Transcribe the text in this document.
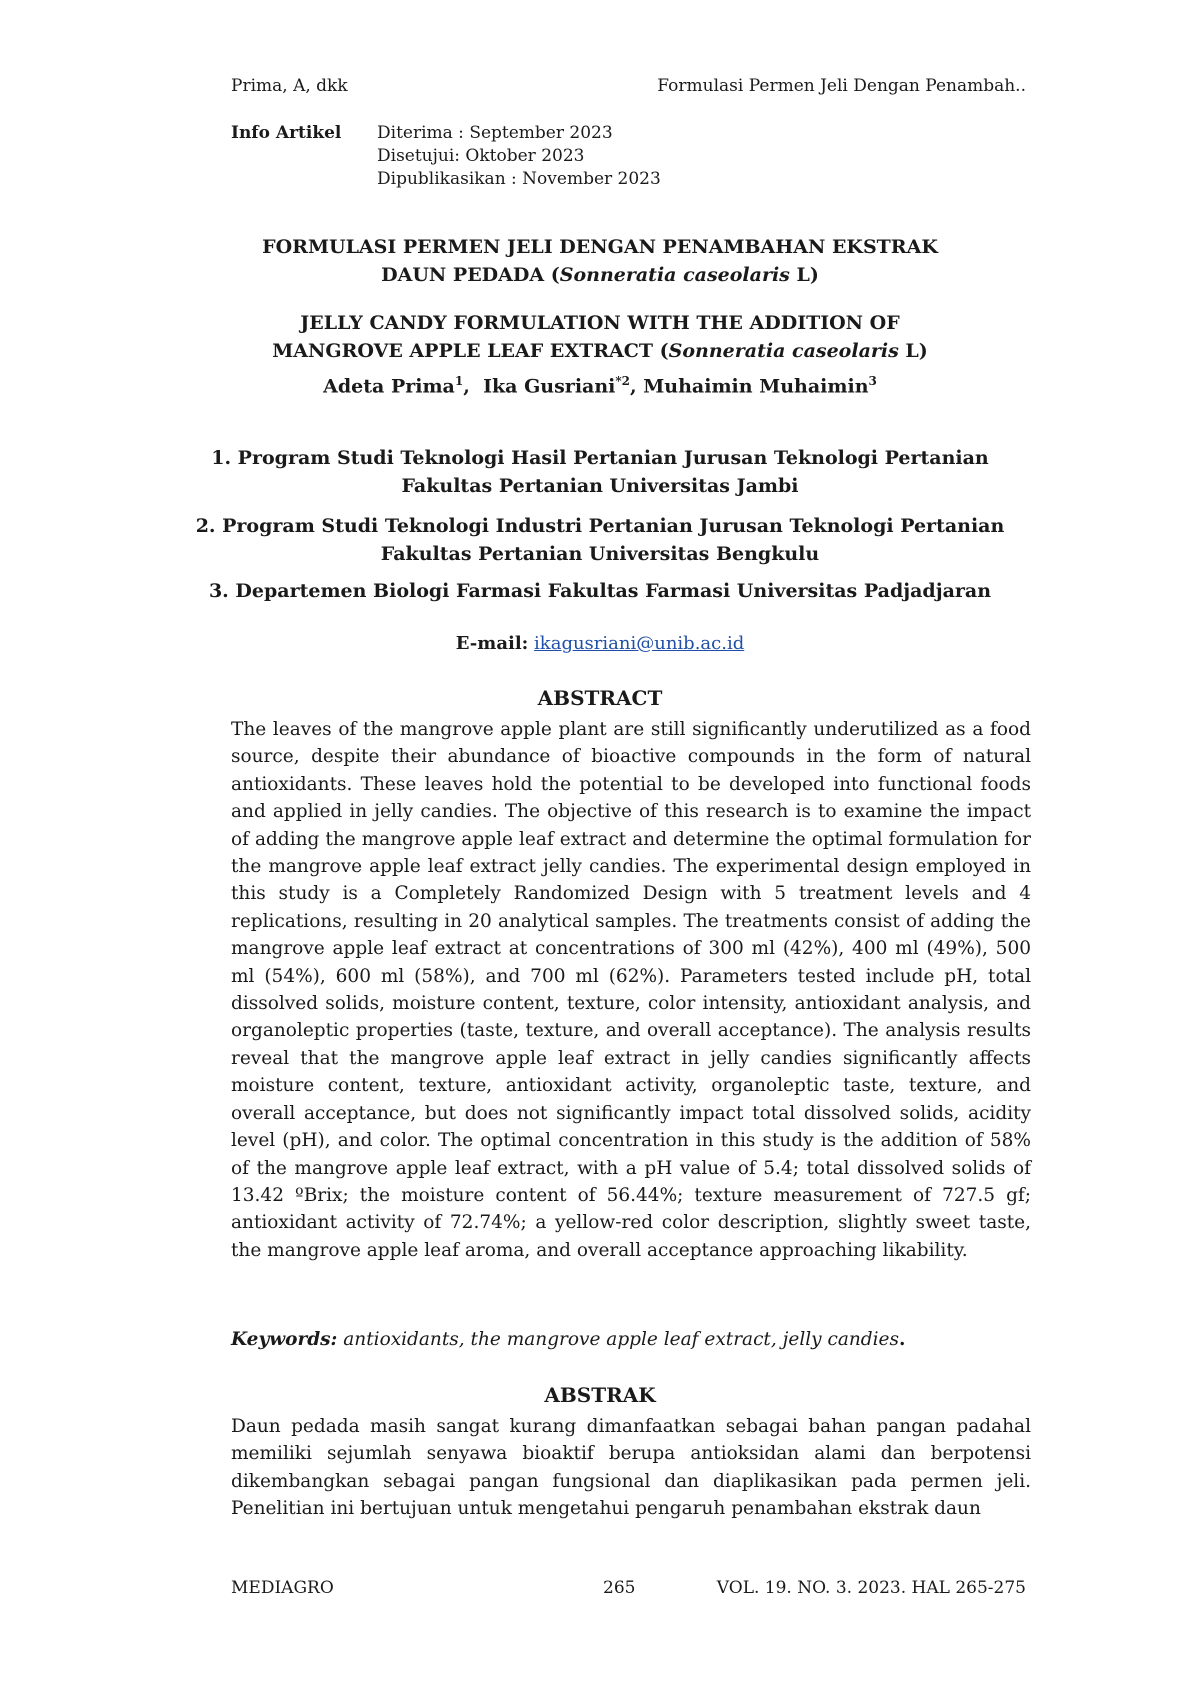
Prima, A, dkk	Formulasi Permen Jeli Dengan Penambah..
Info Artikel	Diterima : September 2023
Disetujui: Oktober 2023
Dipublikasikan : November 2023
FORMULASI PERMEN JELI DENGAN PENAMBAHAN EKSTRAK
DAUN PEDADA (Sonneratia caseolaris L)
JELLY CANDY FORMULATION WITH THE ADDITION OF
MANGROVE APPLE LEAF EXTRACT (Sonneratia caseolaris L)
Adeta Prima$^1$,  Ika Gusriani$^{*2}$, Muhaimin Muhaimin$^3$
1. Program Studi Teknologi Hasil Pertanian Jurusan Teknologi Pertanian
Fakultas Pertanian Universitas Jambi
2. Program Studi Teknologi Industri Pertanian Jurusan Teknologi Pertanian
Fakultas Pertanian Universitas Bengkulu
3. Departemen Biologi Farmasi Fakultas Farmasi Universitas Padjadjaran
E-mail: ikagusriani@unib.ac.id
ABSTRACT
The leaves of the mangrove apple plant are still significantly underutilized as a food source, despite their abundance of bioactive compounds in the form of natural antioxidants. These leaves hold the potential to be developed into functional foods and applied in jelly candies. The objective of this research is to examine the impact of adding the mangrove apple leaf extract and determine the optimal formulation for the mangrove apple leaf extract jelly candies. The experimental design employed in this study is a Completely Randomized Design with 5 treatment levels and 4 replications, resulting in 20 analytical samples. The treatments consist of adding the mangrove apple leaf extract at concentrations of 300 ml (42%), 400 ml (49%), 500 ml (54%), 600 ml (58%), and 700 ml (62%). Parameters tested include pH, total dissolved solids, moisture content, texture, color intensity, antioxidant analysis, and organoleptic properties (taste, texture, and overall acceptance). The analysis results reveal that the mangrove apple leaf extract in jelly candies significantly affects moisture content, texture, antioxidant activity, organoleptic taste, texture, and overall acceptance, but does not significantly impact total dissolved solids, acidity level (pH), and color. The optimal concentration in this study is the addition of 58% of the mangrove apple leaf extract, with a pH value of 5.4; total dissolved solids of 13.42 ºBrix; the moisture content of 56.44%; texture measurement of 727.5 gf; antioxidant activity of 72.74%; a yellow-red color description, slightly sweet taste, the mangrove apple leaf aroma, and overall acceptance approaching likability.
Keywords: antioxidants, the mangrove apple leaf extract, jelly candies.
ABSTRAK
Daun pedada masih sangat kurang dimanfaatkan sebagai bahan pangan padahal memiliki sejumlah senyawa bioaktif berupa antioksidan alami dan berpotensi dikembangkan sebagai pangan fungsional dan diaplikasikan pada permen jeli. Penelitian ini bertujuan untuk mengetahui pengaruh penambahan ekstrak daun
MEDIAGRO	265	VOL. 19. NO. 3. 2023. HAL 265-275
